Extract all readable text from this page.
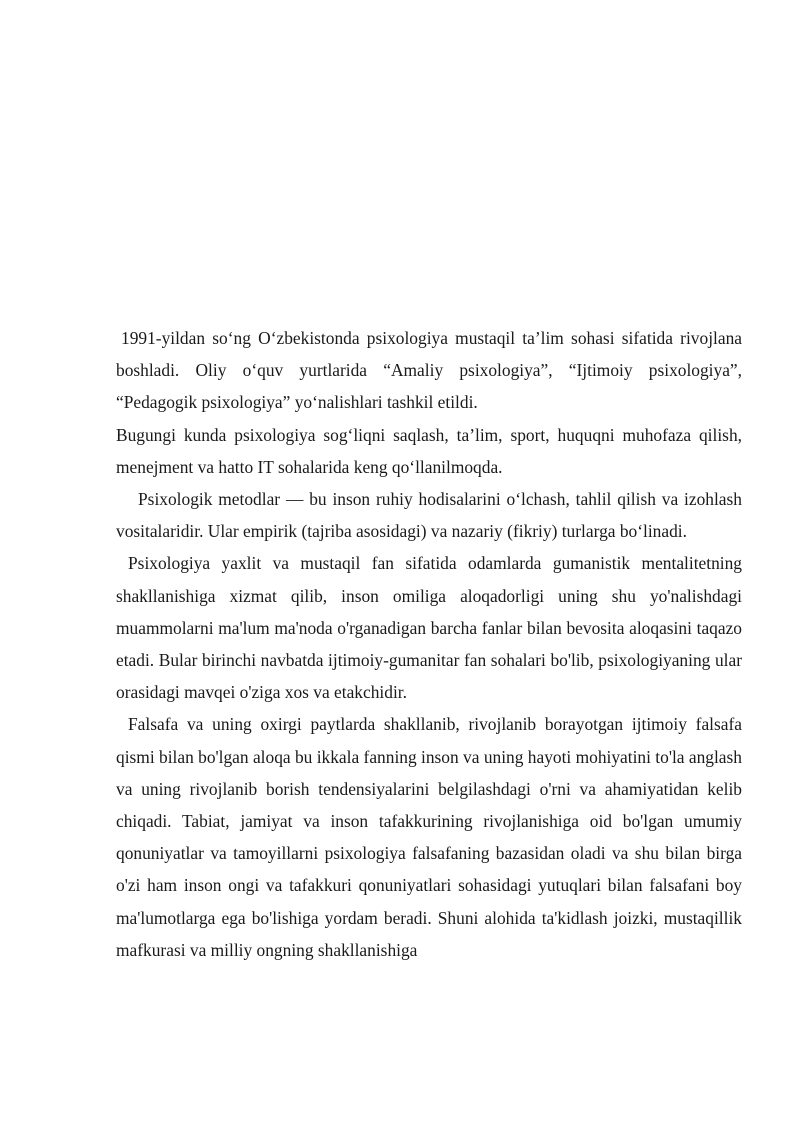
1991-yildan so‘ng O‘zbekistonda psixologiya mustaqil ta’lim sohasi sifatida rivojlana boshladi. Oliy o‘quv yurtlarida “Amaliy psixologiya”, “Ijtimoiy psixologiya”, “Pedagogik psixologiya” yo‘nalishlari tashkil etildi.

Bugungi kunda psixologiya sog‘liqni saqlash, ta’lim, sport, huquqni muhofaza qilish, menejment va hatto IT sohalarida keng qo‘llanilmoqda.

Psixologik metodlar — bu inson ruhiy hodisalarini o‘lchash, tahlil qilish va izohlash vositalaridir. Ular empirik (tajriba asosidagi) va nazariy (fikriy) turlarga bo‘linadi.

Psixologiya yaxlit va mustaqil fan sifatida odamlarda gumanistik mentalitetning shakllanishiga xizmat qilib, inson omiliga aloqadorligi uning shu yo'nalishdagi muammolarni ma'lum ma'noda o'rganadigan barcha fanlar bilan bevosita aloqasini taqazo etadi. Bular birinchi navbatda ijtimoiy-gumanitar fan sohalari bo'lib, psixologiyaning ular orasidagi mavqei o'ziga xos va etakchidir.

Falsafa va uning oxirgi paytlarda shakllanib, rivojlanib borayotgan ijtimoiy falsafa qismi bilan bo'lgan aloqa bu ikkala fanning inson va uning hayoti mohiyatini to'la anglash va uning rivojlanib borish tendensiyalarini belgilashdagi o'rni va ahamiyatidan kelib chiqadi. Tabiat, jamiyat va inson tafakkurining rivojlanishiga oid bo'lgan umumiy qonuniyatlar va tamoyillarni psixologiya falsafaning bazasidan oladi va shu bilan birga o'zi ham inson ongi va tafakkuri qonuniyatlari sohasidagi yutuqlari bilan falsafani boy ma'lumotlarga ega bo'lishiga yordam beradi. Shuni alohida ta'kidlash joizki, mustaqillik mafkurasi va milliy ongning shakllanishiga
